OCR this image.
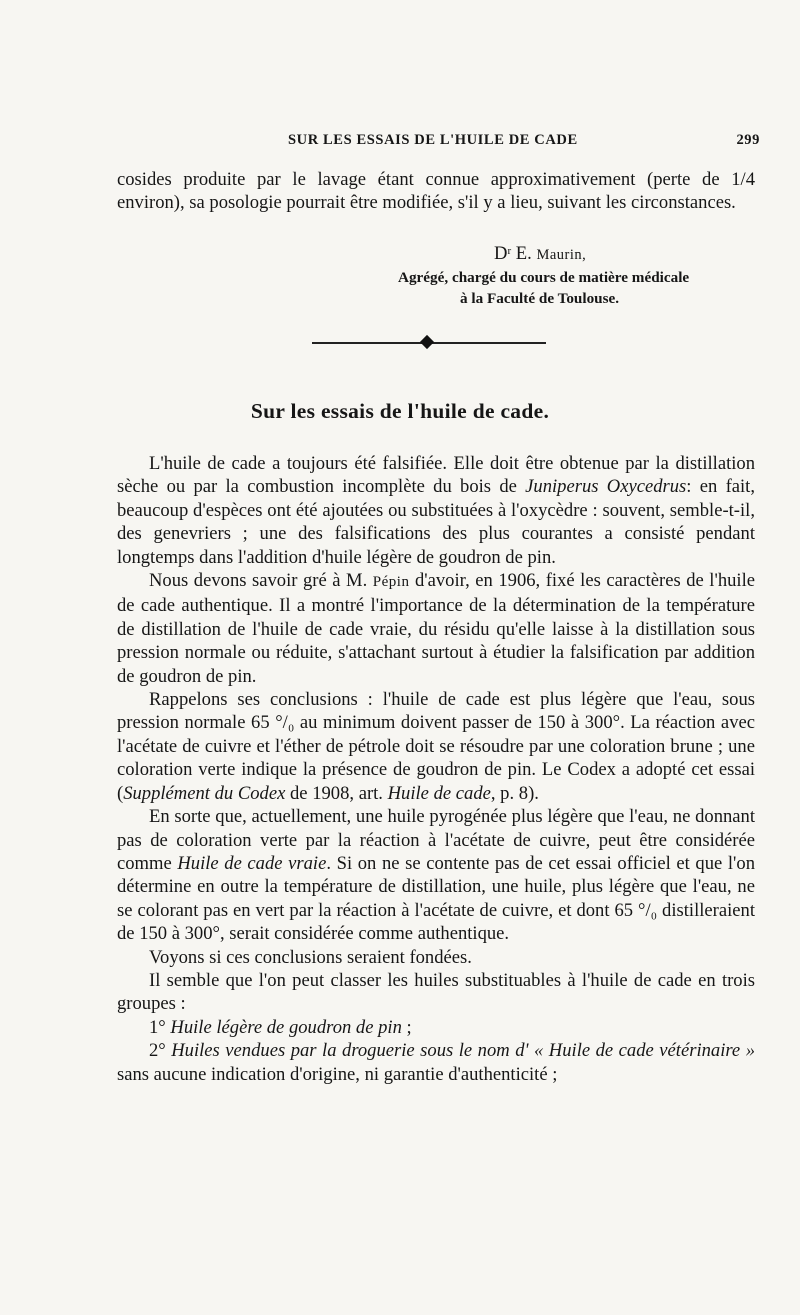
SUR LES ESSAIS DE L'HUILE DE CADE	299

cosides produite par le lavage étant connue approximativement (perte de 1/4 environ), sa posologie pourrait être modifiée, s'il y a lieu, suivant les circonstances.

$D^r$ E. Maurin,
Agrégé, chargé du cours de matière médicale
à la Faculté de Toulouse.
Sur les essais de l'huile de cade.

L'huile de cade a toujours été falsifiée. Elle doit être obtenue par la distillation sèche ou par la combustion incomplète du bois de Juniperus Oxycedrus: en fait, beaucoup d'espèces ont été ajoutées ou substituées à l'oxycèdre : souvent, semble-t-il, des genevriers ; une des falsifications des plus courantes a consisté pendant longtemps dans l'addition d'huile légère de goudron de pin.

Nous devons savoir gré à M. Pépin d'avoir, en 1906, fixé les caractères de l'huile de cade authentique. Il a montré l'importance de la détermination de la température de distillation de l'huile de cade vraie, du résidu qu'elle laisse à la distillation sous pression normale ou réduite, s'attachant surtout à étudier la falsification par addition de goudron de pin.

Rappelons ses conclusions : l'huile de cade est plus légère que l'eau, sous pression normale 65 °/₀ au minimum doivent passer de 150 à 300°. La réaction avec l'acétate de cuivre et l'éther de pétrole doit se résoudre par une coloration brune ; une coloration verte indique la présence de goudron de pin. Le Codex a adopté cet essai (Supplément du Codex de 1908, art. Huile de cade, p. 8).

En sorte que, actuellement, une huile pyrogénée plus légère que l'eau, ne donnant pas de coloration verte par la réaction à l'acétate de cuivre, peut être considérée comme Huile de cade vraie. Si on ne se contente pas de cet essai officiel et que l'on détermine en outre la température de distillation, une huile, plus légère que l'eau, ne se colorant pas en vert par la réaction à l'acétate de cuivre, et dont 65 °/₀ distilleraient de 150 à 300°, serait considérée comme authentique.

Voyons si ces conclusions seraient fondées.

Il semble que l'on peut classer les huiles substituables à l'huile de cade en trois groupes :

1° Huile légère de goudron de pin ;

2° Huiles vendues par la droguerie sous le nom d' « Huile de cade vétérinaire » sans aucune indication d'origine, ni garantie d'authenticité ;
